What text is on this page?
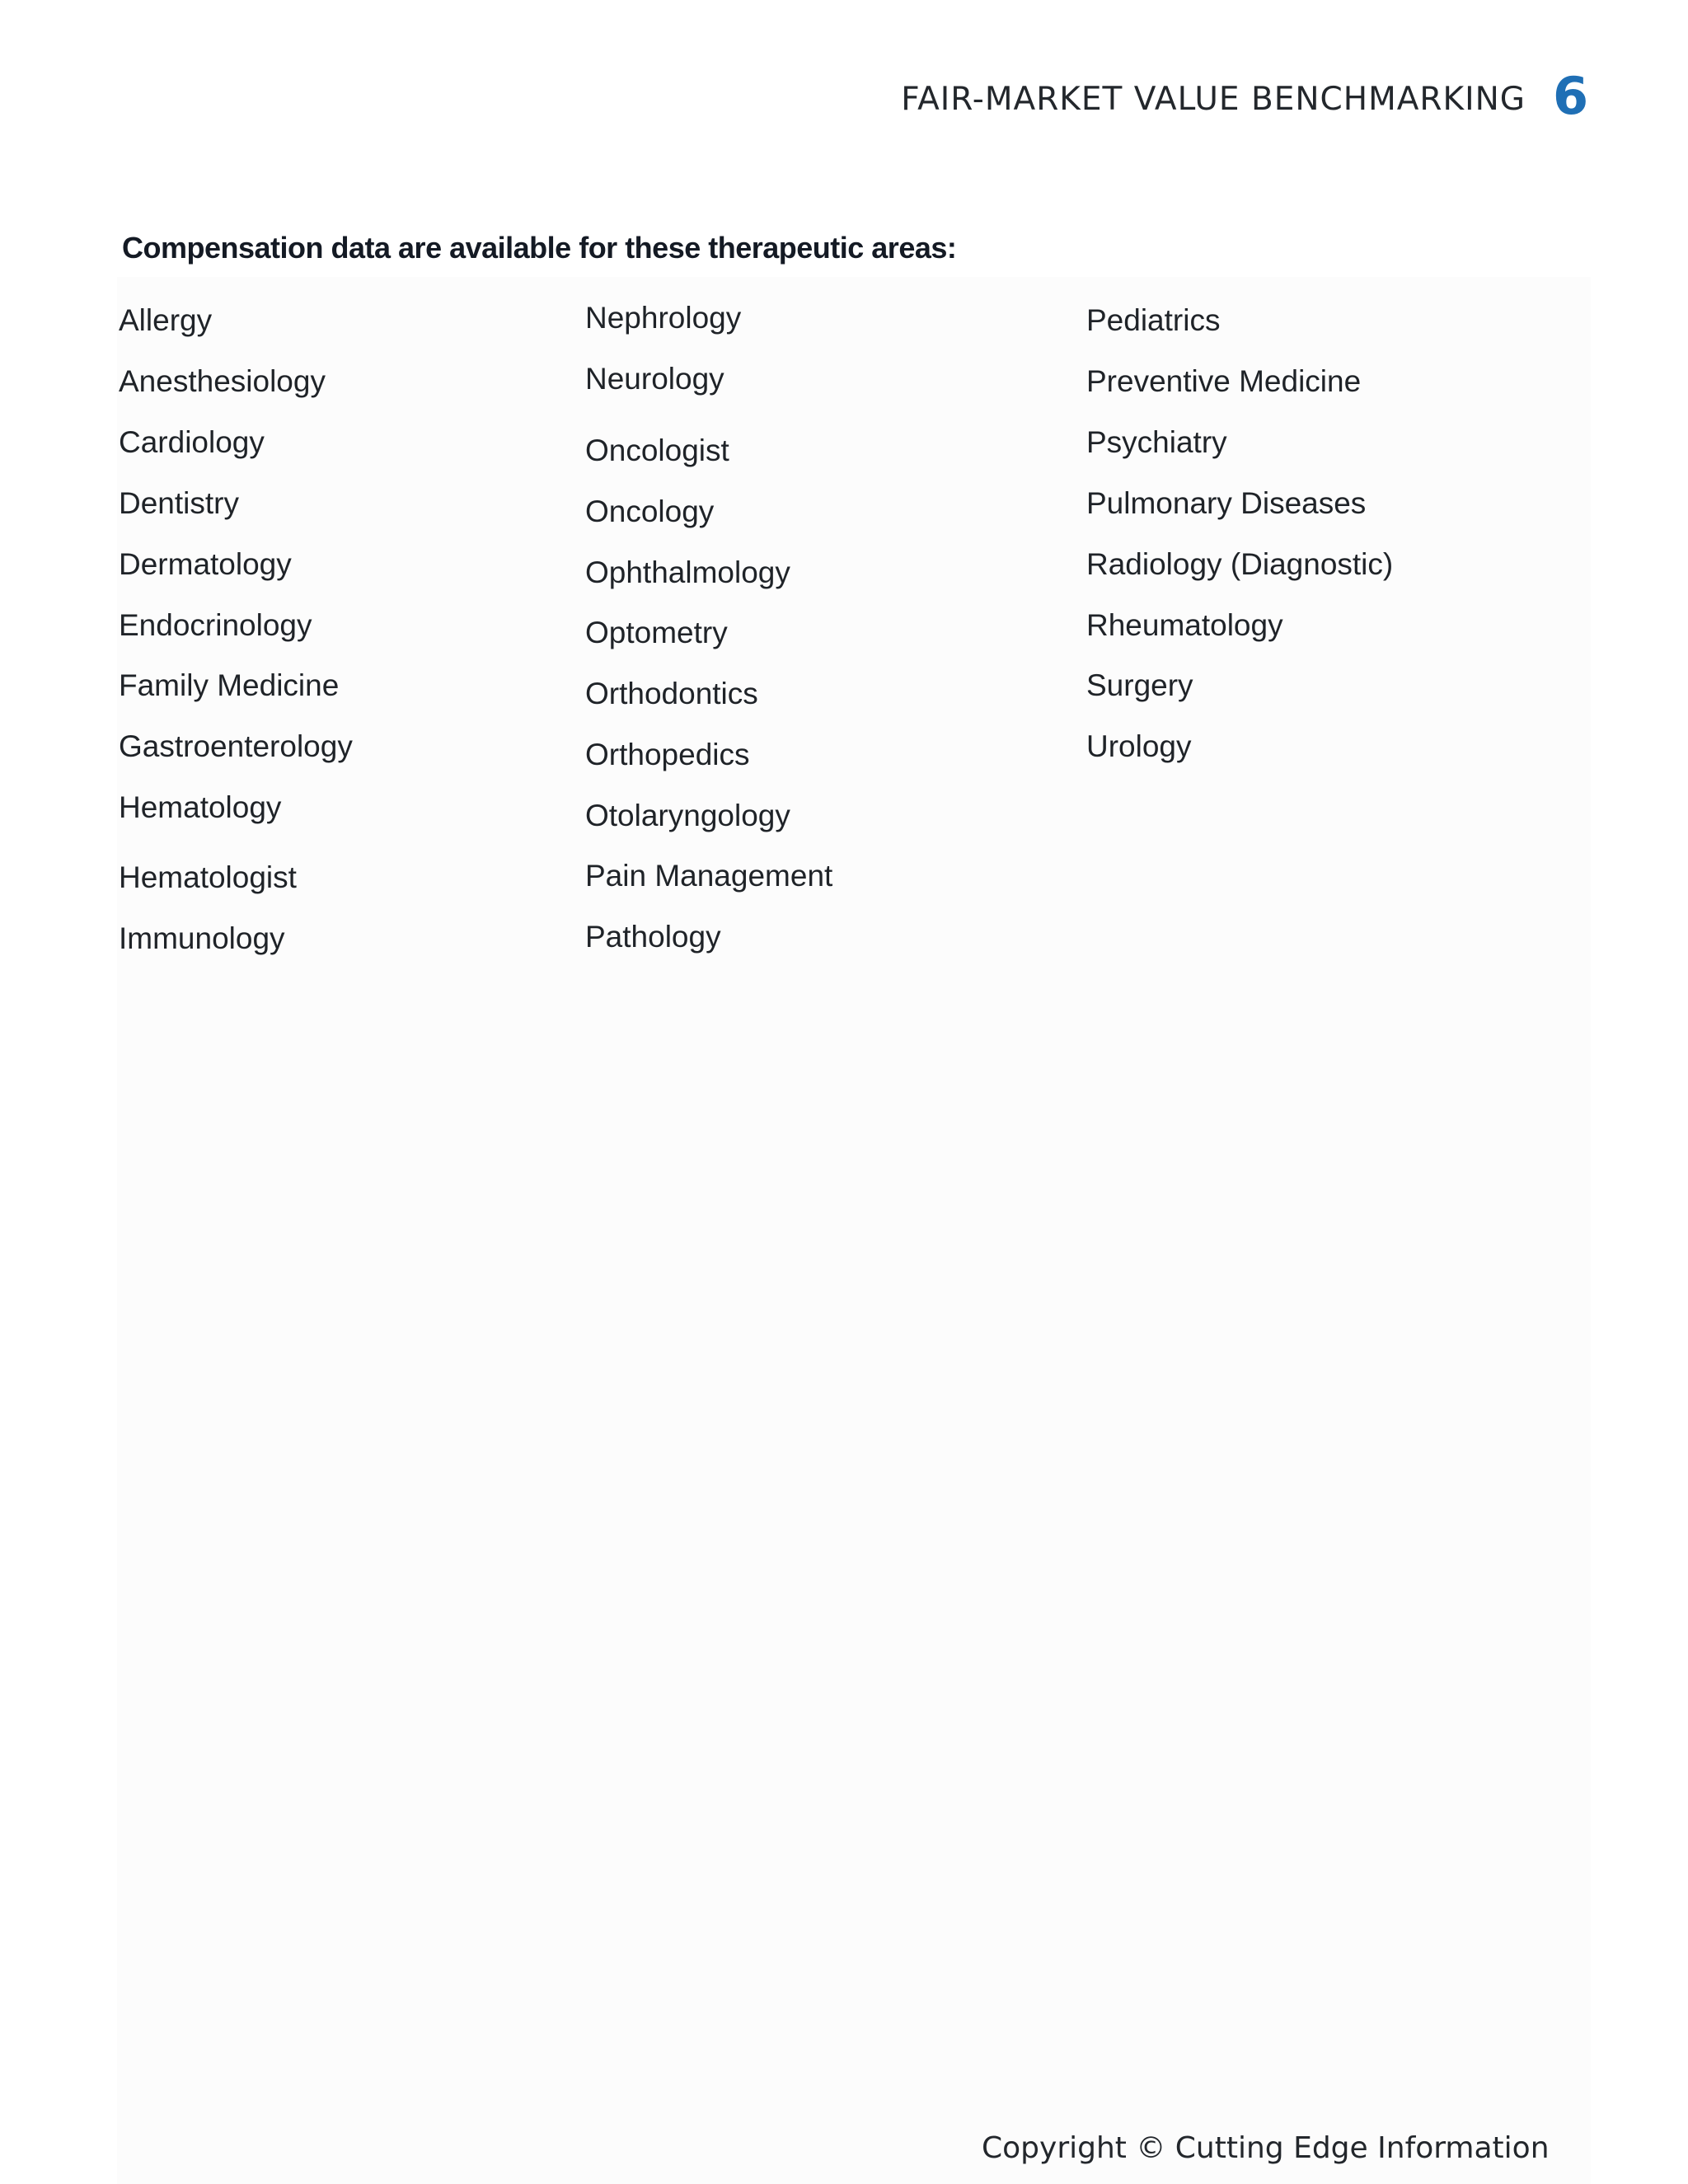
FAIR-MARKET VALUE BENCHMARKING 6
Compensation data are available for these therapeutic areas:
Allergy
Anesthesiology
Cardiology
Dentistry
Dermatology
Endocrinology
Family Medicine
Gastroenterology
Hematology
Hematologist
Immunology
Nephrology
Neurology
Oncologist
Oncology
Ophthalmology
Optometry
Orthodontics
Orthopedics
Otolaryngology
Pain Management
Pathology
Pediatrics
Preventive Medicine
Psychiatry
Pulmonary Diseases
Radiology (Diagnostic)
Rheumatology
Surgery
Urology
Copyright © Cutting Edge Information
